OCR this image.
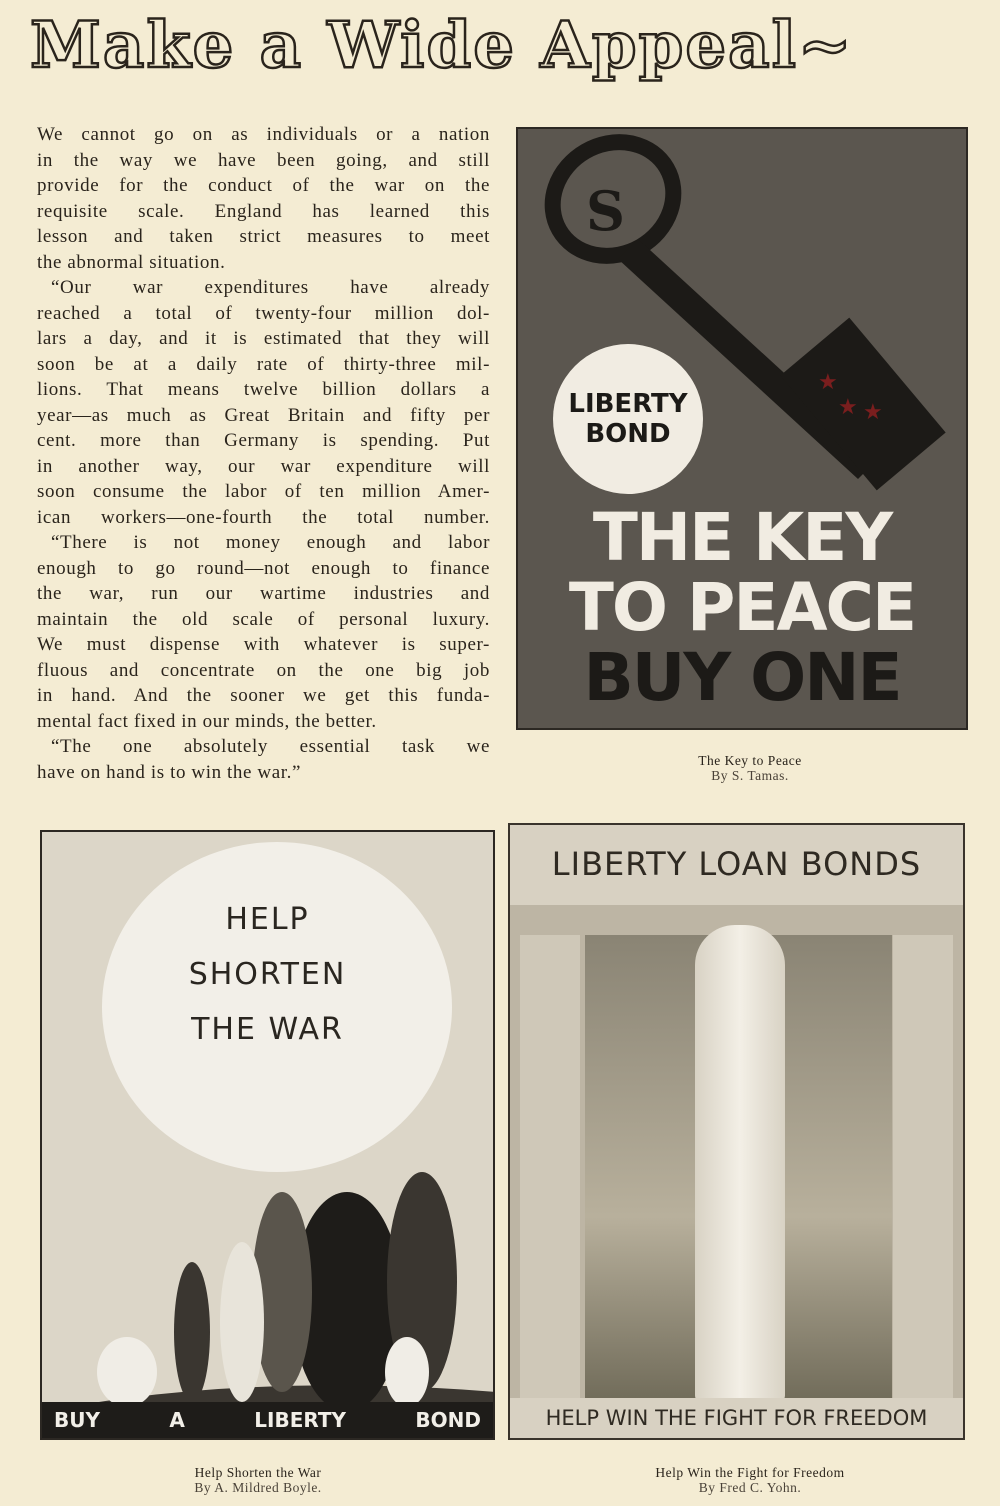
Make a Wide Appeal~
We cannot go on as individuals or a nation
in the way we have been going, and still
provide for the conduct of the war on the
requisite scale. England has learned this
lesson and taken strict measures to meet
the abnormal situation.
“Our war expenditures have already
reached a total of twenty-four million dol-
lars a day, and it is estimated that they will
soon be at a daily rate of thirty-three mil-
lions. That means twelve billion dollars a
year—as much as Great Britain and fifty per
cent. more than Germany is spending. Put
in another way, our war expenditure will
soon consume the labor of ten million Amer-
ican workers—one-fourth the total number.
“There is not money enough and labor
enough to go round—not enough to finance
the war, run our wartime industries and
maintain the old scale of personal luxury.
We must dispense with whatever is super-
fluous and concentrate on the one big job
in hand. And the sooner we get this funda-
mental fact fixed in our minds, the better.
“The one absolutely essential task we
have on hand is to win the war.”
★
★ ★
S
LIBERTY
BOND
THE KEY
TO PEACE
BUY ONE
The Key to Peace
By S. Tamas.
HELP
SHORTEN
THE WAR
BUY	A	LIBERTY	BOND
Help Shorten the War
By A. Mildred Boyle.
LIBERTY LOAN BONDS
HELP WIN THE FIGHT FOR FREEDOM
Help Win the Fight for Freedom
By Fred C. Yohn.
